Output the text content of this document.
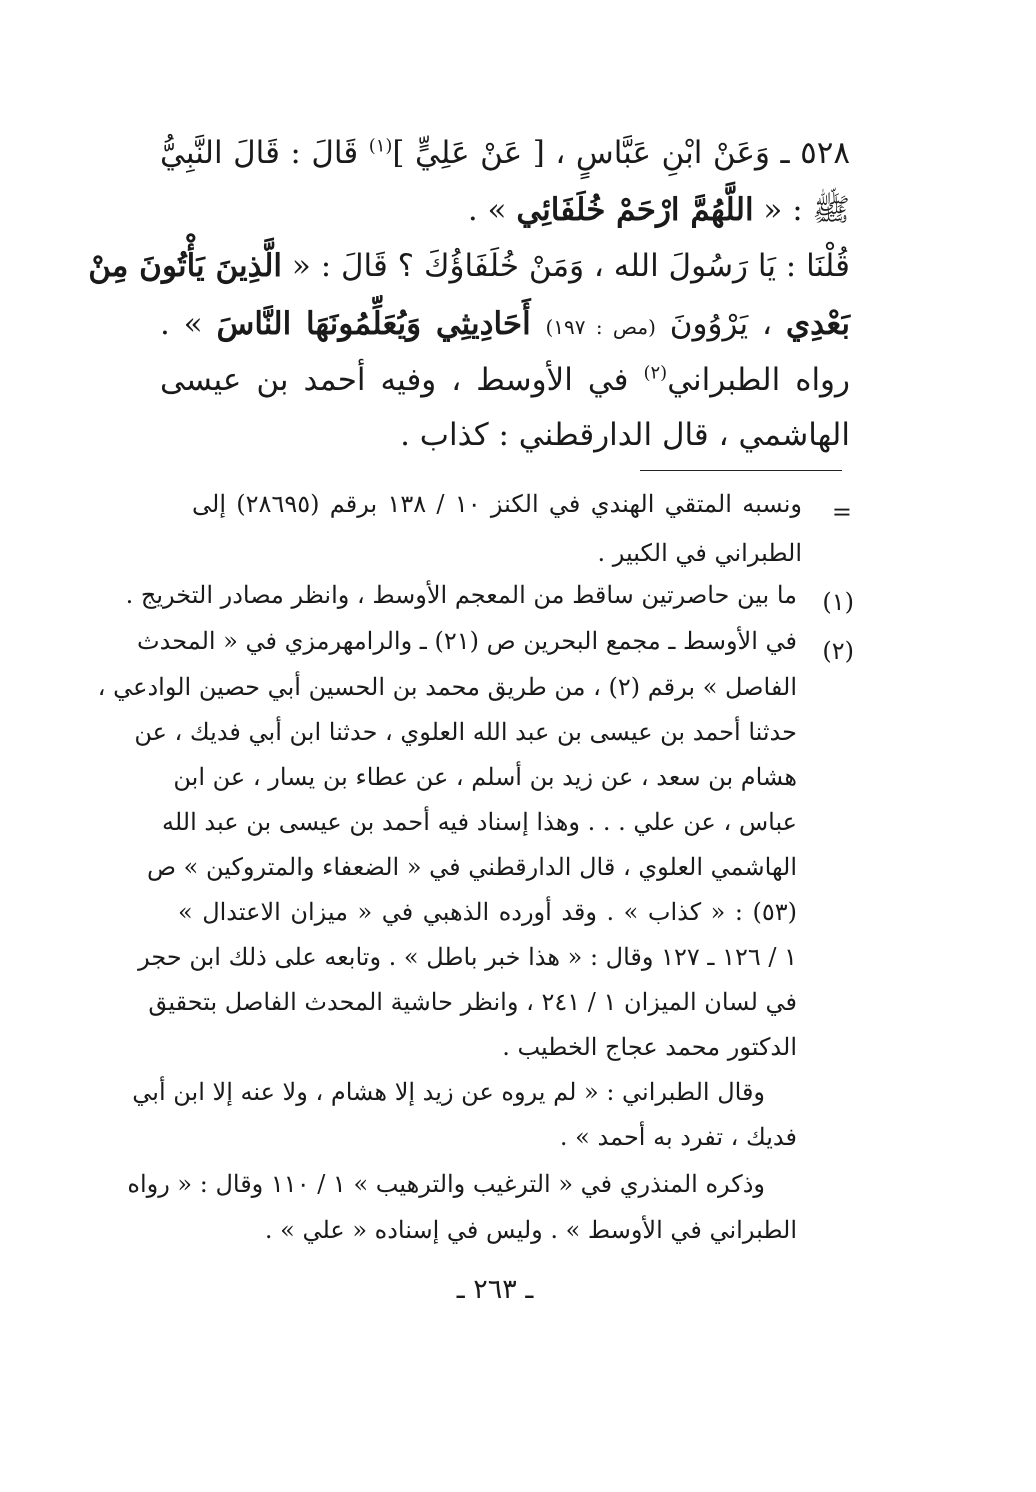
٥٢٨ ـ وَعَنْ ابْنِ عَبَّاسٍ ، [ عَنْ عَلِيٍّ ]$^{(١)}$ قَالَ : قَالَ النَّبِيُّ
ﷺ : « اللَّهُمَّ ارْحَمْ خُلَفَائِي » .
قُلْنَا : يَا رَسُولَ الله ، وَمَنْ خُلَفَاؤُكَ ؟ قَالَ : « الَّذِينَ يَأْتُونَ مِنْ
بَعْدِي ، يَرْوُونَ (مص : ١٩٧) أَحَادِيثِي وَيُعَلِّمُونَهَا النَّاسَ » .
رواه الطبراني$^{(٢)}$ في الأوسط ، وفيه أحمد بن عيسى
الهاشمي ، قال الدارقطني : كذاب .
=
ونسبه المتقي الهندي في الكنز ١٠ / ١٣٨ برقم (٢٨٦٩٥) إلى
الطبراني في الكبير .
(١)
ما بين حاصرتين ساقط من المعجم الأوسط ، وانظر مصادر التخريج .
(٢)
في الأوسط ـ مجمع البحرين ص (٢١) ـ والرامهرمزي في « المحدث
الفاصل » برقم (٢) ، من طريق محمد بن الحسين أبي حصين الوادعي ،
حدثنا أحمد بن عيسى بن عبد الله العلوي ، حدثنا ابن أبي فديك ، عن
هشام بن سعد ، عن زيد بن أسلم ، عن عطاء بن يسار ، عن ابن
عباس ، عن علي . . . وهذا إسناد فيه أحمد بن عيسى بن عبد الله
الهاشمي العلوي ، قال الدارقطني في « الضعفاء والمتروكين » ص
(٥٣) : « كذاب » . وقد أورده الذهبي في « ميزان الاعتدال »
١ / ١٢٦ ـ ١٢٧ وقال : « هذا خبر باطل » . وتابعه على ذلك ابن حجر
في لسان الميزان ١ / ٢٤١ ، وانظر حاشية المحدث الفاصل بتحقيق
الدكتور محمد عجاج الخطيب .
وقال الطبراني : « لم يروه عن زيد إلا هشام ، ولا عنه إلا ابن أبي
فديك ، تفرد به أحمد » .
وذكره المنذري في « الترغيب والترهيب » ١ / ١١٠ وقال : « رواه
الطبراني في الأوسط » . وليس في إسناده « علي » .
ـ ٢٦٣ ـ
